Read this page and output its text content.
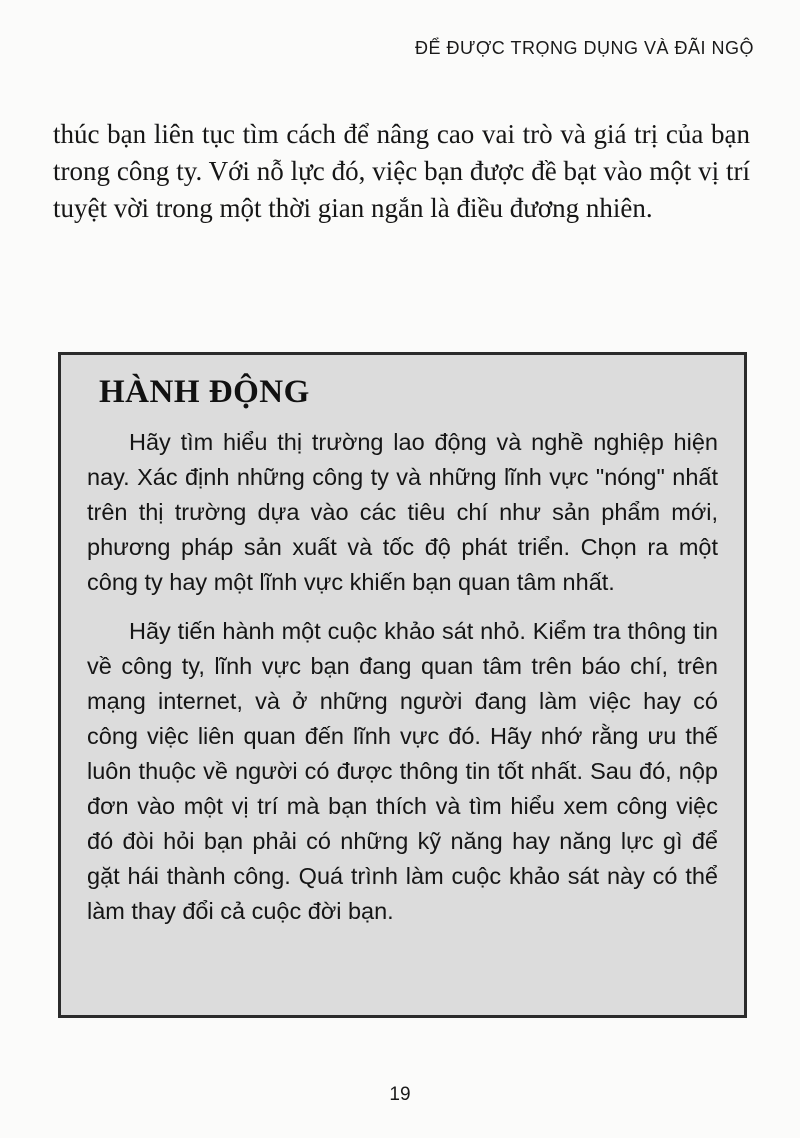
ĐỂ ĐƯỢC TRỌNG DỤNG VÀ ĐÃI NGỘ

thúc bạn liên tục tìm cách để nâng cao vai trò và giá trị của bạn trong công ty. Với nỗ lực đó, việc bạn được đề bạt vào một vị trí tuyệt vời trong một thời gian ngắn là điều đương nhiên.

HÀNH ĐỘNG

Hãy tìm hiểu thị trường lao động và nghề nghiệp hiện nay. Xác định những công ty và những lĩnh vực "nóng" nhất trên thị trường dựa vào các tiêu chí như sản phẩm mới, phương pháp sản xuất và tốc độ phát triển. Chọn ra một công ty hay một lĩnh vực khiến bạn quan tâm nhất.

Hãy tiến hành một cuộc khảo sát nhỏ. Kiểm tra thông tin về công ty, lĩnh vực bạn đang quan tâm trên báo chí, trên mạng internet, và ở những người đang làm việc hay có công việc liên quan đến lĩnh vực đó. Hãy nhớ rằng ưu thế luôn thuộc về người có được thông tin tốt nhất. Sau đó, nộp đơn vào một vị trí mà bạn thích và tìm hiểu xem công việc đó đòi hỏi bạn phải có những kỹ năng hay năng lực gì để gặt hái thành công. Quá trình làm cuộc khảo sát này có thể làm thay đổi cả cuộc đời bạn.

19
